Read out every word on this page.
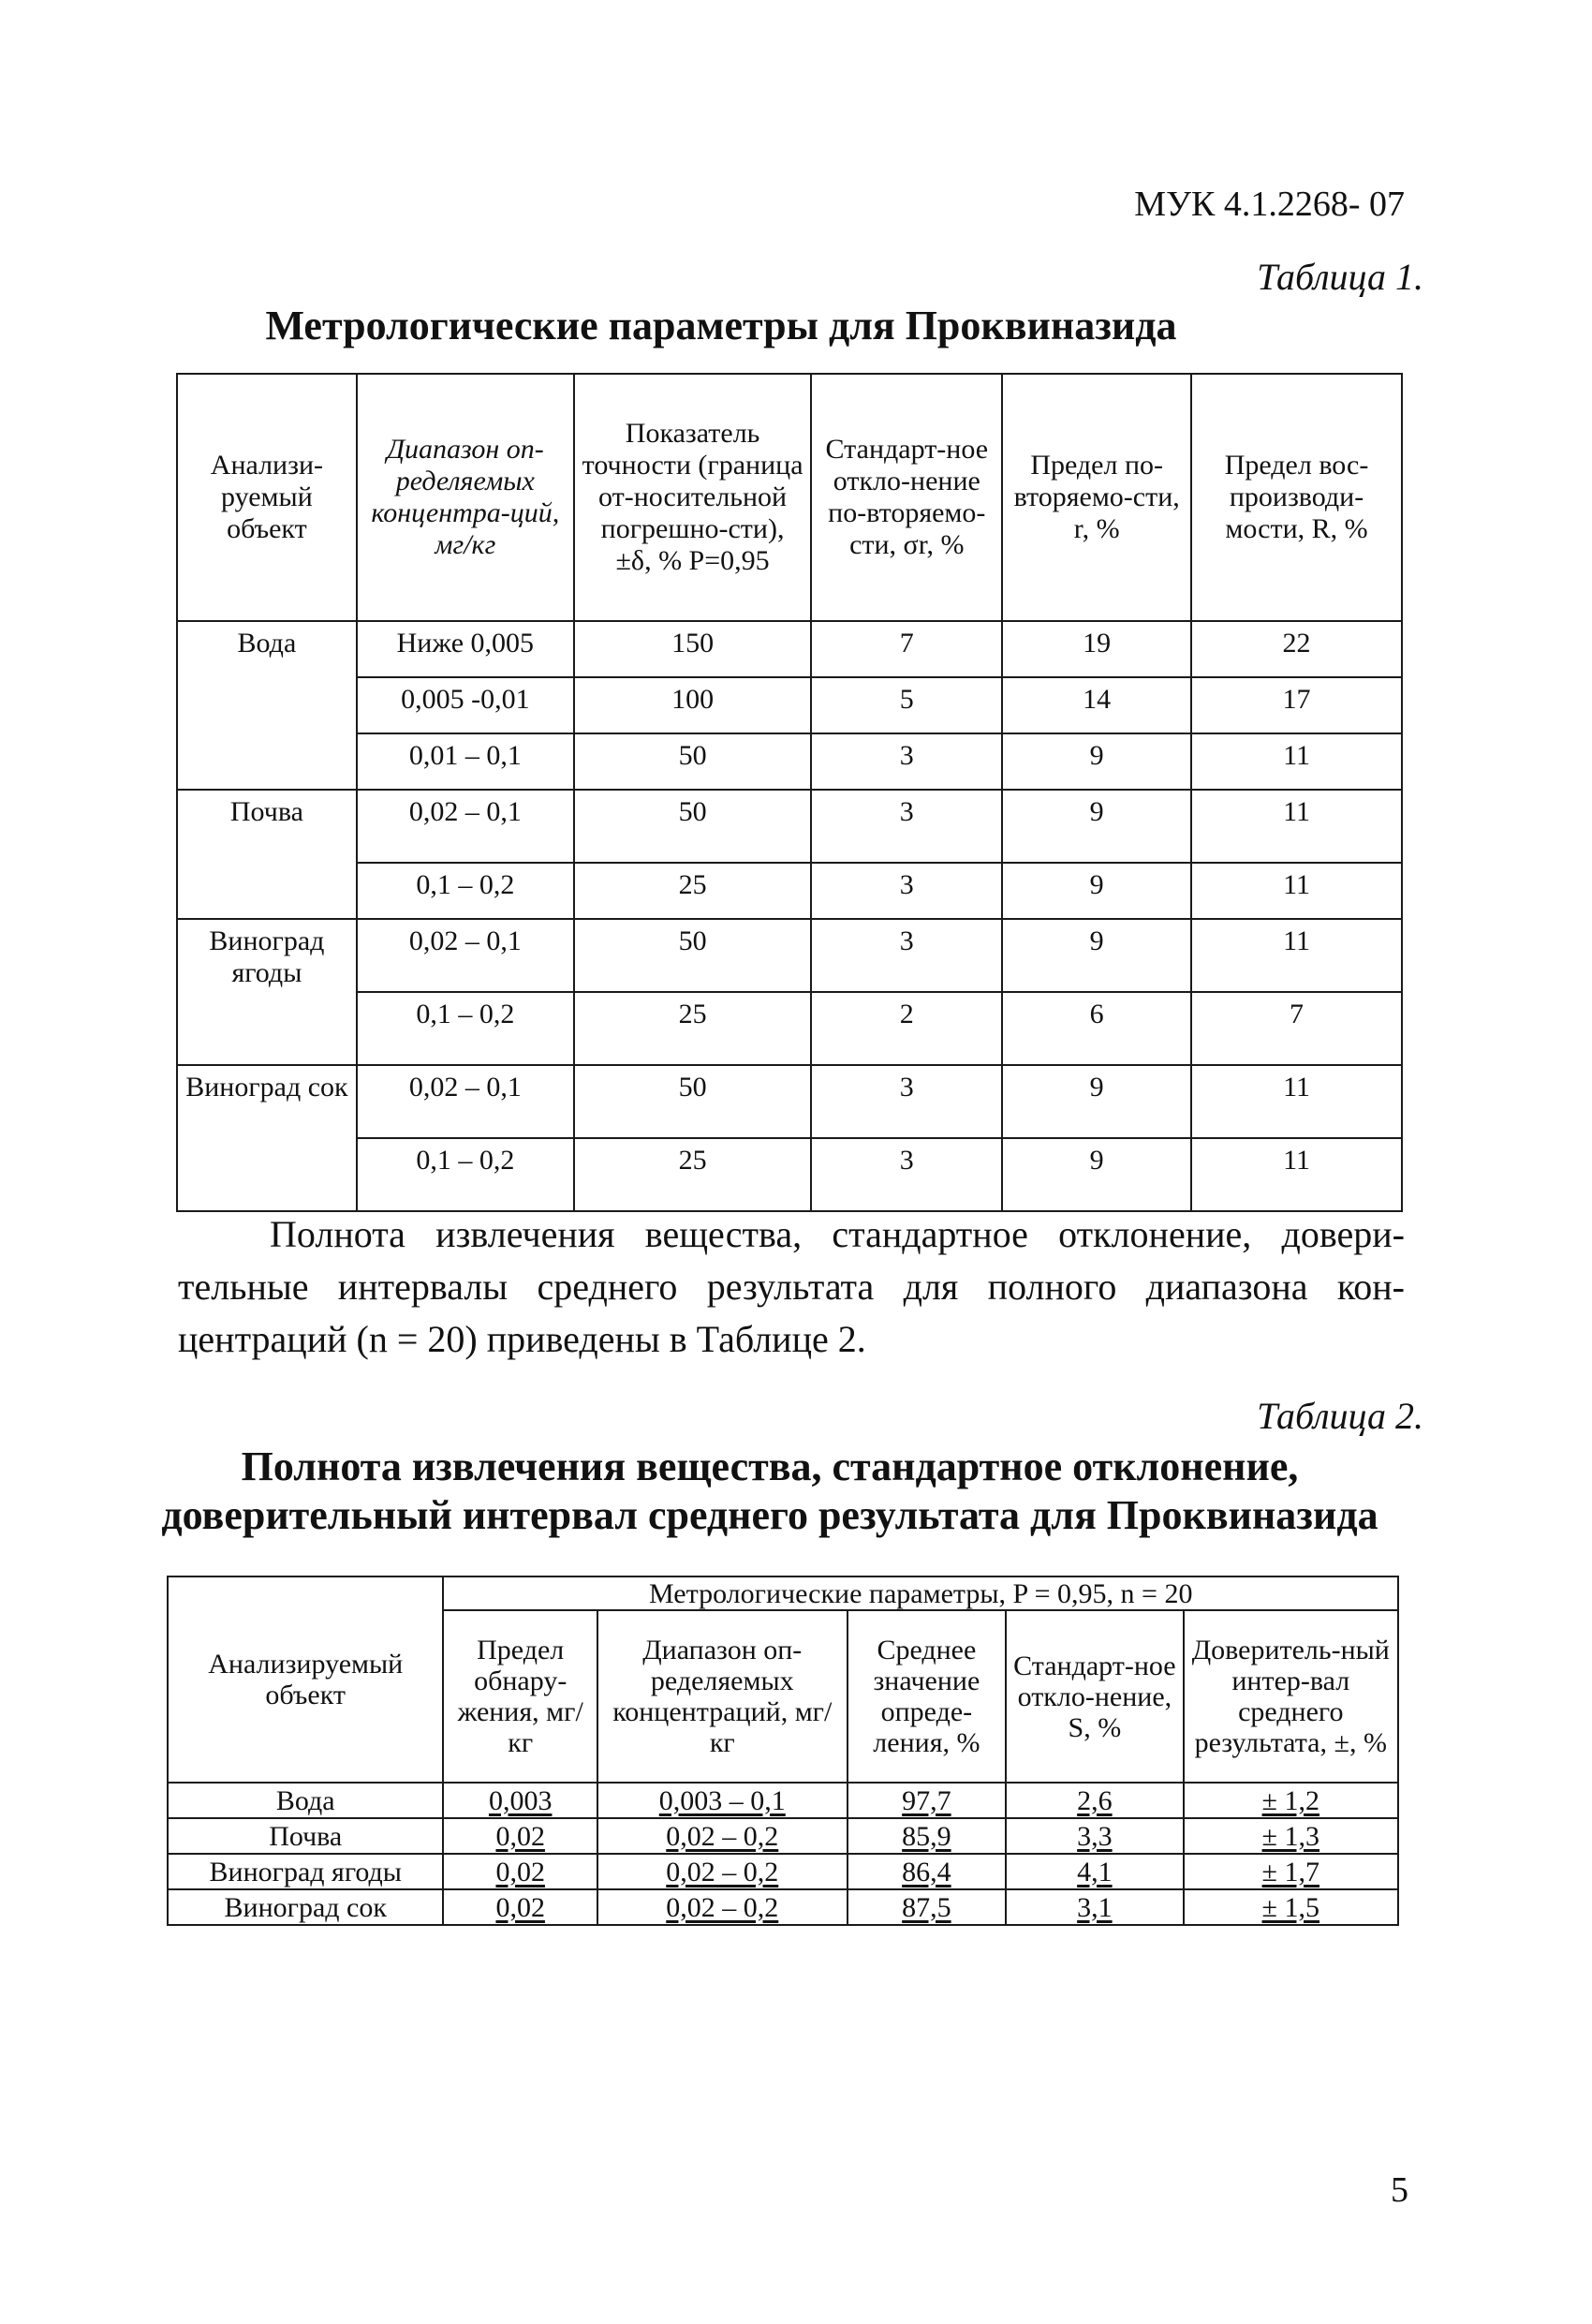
МУК 4.1.2268- 07
Таблица 1.
Метрологические параметры для Проквиназида
Анализи-руемый объект	Диапазон оп-ределяемых концентра-ций, мг/кг	Показатель точности (граница от-носительной погрешно-сти), ±δ, % P=0,95	Стандарт-ное откло-нение по-вторяемо-сти, σr, %	Предел по-вторяемо-сти, r, %	Предел вос-производи-мости, R, %
Вода	Ниже 0,005	150	7	19	22
	0,005 -0,01	100	5	14	17
	0,01 – 0,1	50	3	9	11
Почва	0,02 – 0,1	50	3	9	11
	0,1 – 0,2	25	3	9	11
Виноград ягоды	0,02 – 0,1	50	3	9	11
	0,1 – 0,2	25	2	6	7
Виноград сок	0,02 – 0,1	50	3	9	11
	0,1 – 0,2	25	3	9	11
Полнота извлечения вещества, стандартное отклонение, довери-тельные интервалы среднего результата для полного диапазона кон-центраций (n = 20) приведены в Таблице 2.
Таблица 2.
Полнота извлечения вещества, стандартное отклонение,
доверительный интервал среднего результата для Проквиназида
Анализируемый объект	Метрологические параметры, P = 0,95, n = 20				
	Предел обнару-жения, мг/кг	Диапазон оп-ределяемых концентраций, мг/кг	Среднее значение опреде-ления, %	Стандарт-ное откло-нение, S, %	Доверитель-ный интер-вал среднего результата, ±, %
Вода	0,003	0,003 – 0,1	97,7	2,6	± 1,2
Почва	0,02	0,02 – 0,2	85,9	3,3	± 1,3
Виноград ягоды	0,02	0,02 – 0,2	86,4	4,1	± 1,7
Виноград сок	0,02	0,02 – 0,2	87,5	3,1	± 1,5
5
